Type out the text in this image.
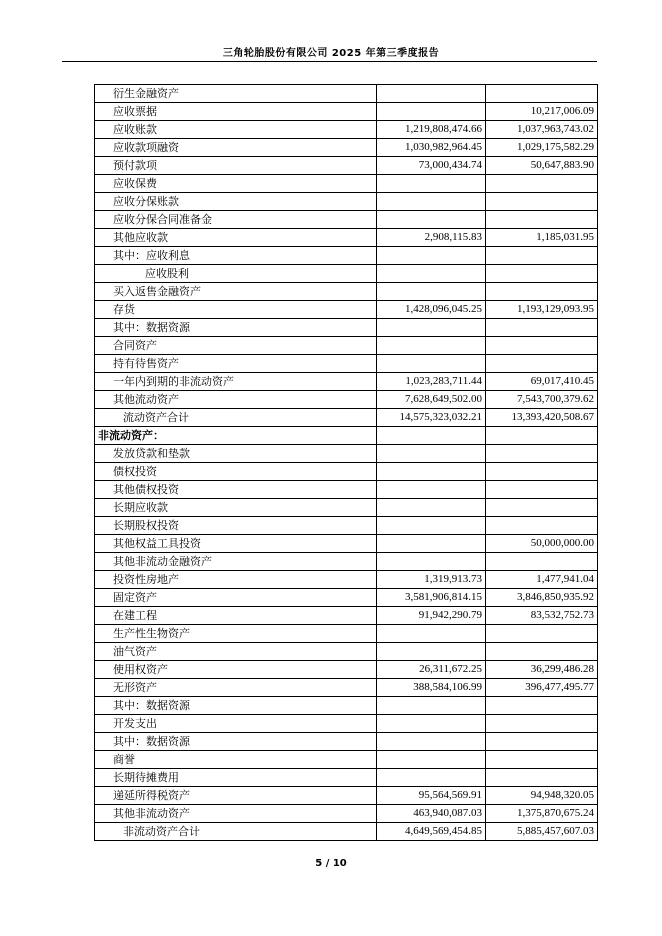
三角轮胎股份有限公司 2025 年第三季度报告
衍生金融资产		
应收票据		10,217,006.09
应收账款	1,219,808,474.66	1,037,963,743.02
应收款项融资	1,030,982,964.45	1,029,175,582.29
预付款项	73,000,434.74	50,647,883.90
应收保费		
应收分保账款		
应收分保合同准备金		
其他应收款	2,908,115.83	1,185,031.95
其中：应收利息		
应收股利		
买入返售金融资产		
存货	1,428,096,045.25	1,193,129,093.95
其中：数据资源		
合同资产		
持有待售资产		
一年内到期的非流动资产	1,023,283,711.44	69,017,410.45
其他流动资产	7,628,649,502.00	7,543,700,379.62
流动资产合计	14,575,323,032.21	13,393,420,508.67
非流动资产：		
发放贷款和垫款		
债权投资		
其他债权投资		
长期应收款		
长期股权投资		
其他权益工具投资		50,000,000.00
其他非流动金融资产		
投资性房地产	1,319,913.73	1,477,941.04
固定资产	3,581,906,814.15	3,846,850,935.92
在建工程	91,942,290.79	83,532,752.73
生产性生物资产		
油气资产		
使用权资产	26,311,672.25	36,299,486.28
无形资产	388,584,106.99	396,477,495.77
其中：数据资源		
开发支出		
其中：数据资源		
商誉		
长期待摊费用		
递延所得税资产	95,564,569.91	94,948,320.05
其他非流动资产	463,940,087.03	1,375,870,675.24
非流动资产合计	4,649,569,454.85	5,885,457,607.03
5 / 10
